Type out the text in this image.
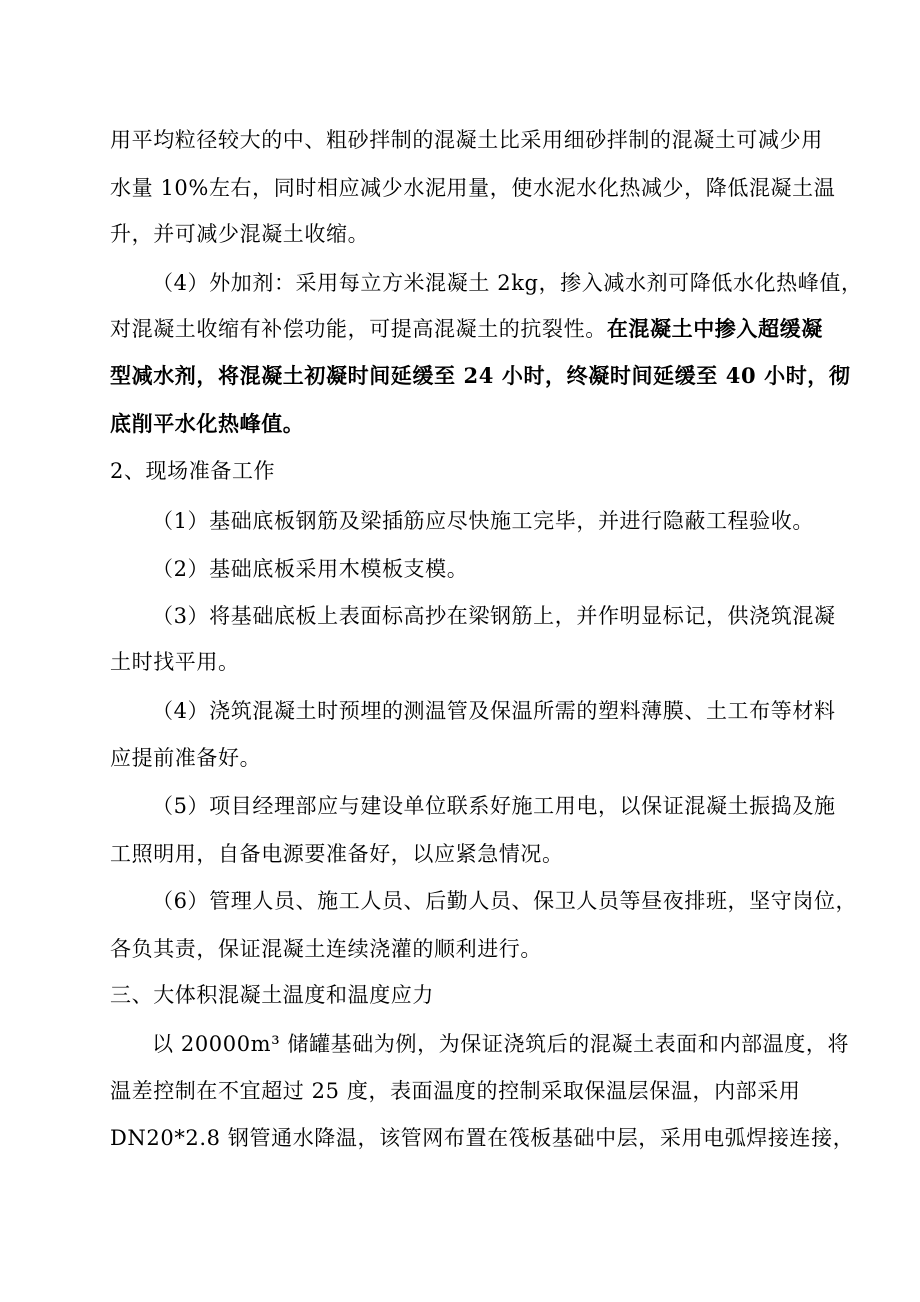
用平均粒径较大的中、粗砂拌制的混凝土比采用细砂拌制的混凝土可减少用
水量 10%左右，同时相应减少水泥用量，使水泥水化热减少，降低混凝土温
升，并可减少混凝土收缩。
（4）外加剂：采用每立方米混凝土 2kg，掺入减水剂可降低水化热峰值，
对混凝土收缩有补偿功能，可提高混凝土的抗裂性。在混凝土中掺入超缓凝
型减水剂，将混凝土初凝时间延缓至 24 小时，终凝时间延缓至 40 小时，彻
底削平水化热峰值。
2、现场准备工作
（1）基础底板钢筋及梁插筋应尽快施工完毕，并进行隐蔽工程验收。
（2）基础底板采用木模板支模。
（3）将基础底板上表面标高抄在梁钢筋上，并作明显标记，供浇筑混凝
土时找平用。
（4）浇筑混凝土时预埋的测温管及保温所需的塑料薄膜、土工布等材料
应提前准备好。
（5）项目经理部应与建设单位联系好施工用电，以保证混凝土振捣及施
工照明用，自备电源要准备好，以应紧急情况。
（6）管理人员、施工人员、后勤人员、保卫人员等昼夜排班，坚守岗位，
各负其责，保证混凝土连续浇灌的顺利进行。
三、大体积混凝土温度和温度应力
以 20000m³ 储罐基础为例，为保证浇筑后的混凝土表面和内部温度，将
温差控制在不宜超过 25 度，表面温度的控制采取保温层保温，内部采用
DN20*2.8 钢管通水降温，该管网布置在筏板基础中层，采用电弧焊接连接，
